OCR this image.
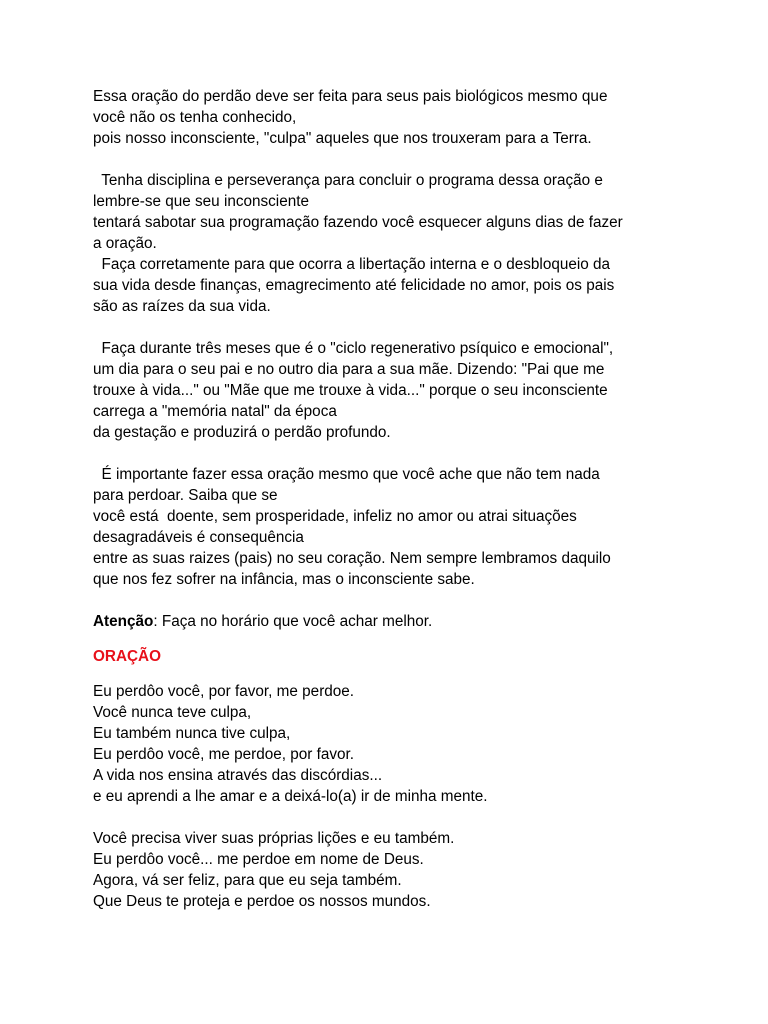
Essa oração do perdão deve ser feita para seus pais biológicos mesmo que
você não os tenha conhecido,
pois nosso inconsciente, "culpa" aqueles que nos trouxeram para a Terra.
Tenha disciplina e perseverança para concluir o programa dessa oração e
lembre-se que seu inconsciente
tentará sabotar sua programação fazendo você esquecer alguns dias de fazer
a oração.
Faça corretamente para que ocorra a libertação interna e o desbloqueio da
sua vida desde finanças, emagrecimento até felicidade no amor, pois os pais
são as raízes da sua vida.
Faça durante três meses que é o "ciclo regenerativo psíquico e emocional",
um dia para o seu pai e no outro dia para a sua mãe. Dizendo: "Pai que me
trouxe à vida..." ou "Mãe que me trouxe à vida..." porque o seu inconsciente
carrega a "memória natal" da época
da gestação e produzirá o perdão profundo.
É importante fazer essa oração mesmo que você ache que não tem nada
para perdoar. Saiba que se
você está  doente, sem prosperidade, infeliz no amor ou atrai situações
desagradáveis é consequência
entre as suas raizes (pais) no seu coração. Nem sempre lembramos daquilo
que nos fez sofrer na infância, mas o inconsciente sabe.
Atenção: Faça no horário que você achar melhor.
ORAÇÃO
Eu perdôo você, por favor, me perdoe.
Você nunca teve culpa,
Eu também nunca tive culpa,
Eu perdôo você, me perdoe, por favor.
A vida nos ensina através das discórdias...
e eu aprendi a lhe amar e a deixá-lo(a) ir de minha mente.
Você precisa viver suas próprias lições e eu também.
Eu perdôo você... me perdoe em nome de Deus.
Agora, vá ser feliz, para que eu seja também.
Que Deus te proteja e perdoe os nossos mundos.
